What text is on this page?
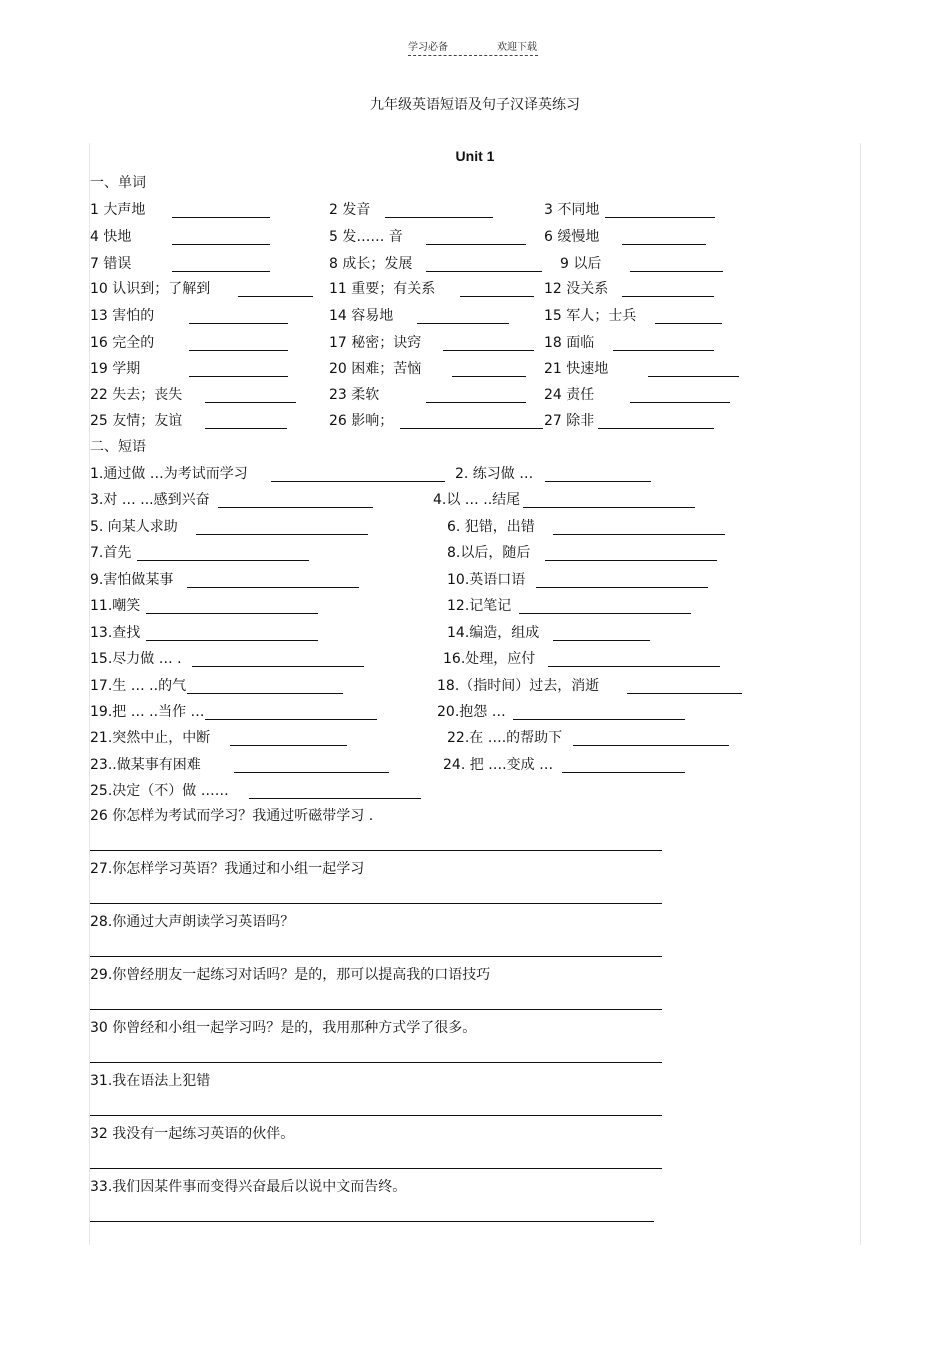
学习必备	欢迎下载
九年级英语短语及句子汉译英练习
Unit 1
一、单词
二、短语
1 大声地	2 发音	3 不同地
4 快地	5 发…… 音	6 缓慢地
7 错误	8 成长；发展	9 以后
10 认识到；了解到	11 重要；有关系	12 没关系
13 害怕的	14 容易地	15 军人；士兵
16 完全的	17 秘密；诀窍	18 面临
19 学期	20 困难；苦恼	21 快速地
22 失去；丧失	23 柔软	24 责任
25 友情；友谊	26 影响；	27 除非
1.通过做 …为考试而学习	2. 练习做 …
3.对 … ...感到兴奋	4.以 … ..结尾
5. 向某人求助	6. 犯错，出错
7.首先	8.以后，随后
9.害怕做某事	10.英语口语
11.嘲笑	12.记笔记
13.查找	14.编造，组成
15.尽力做 … .	16.处理，应付
17.生 … ..的气	18.（指时间）过去，消逝
19.把 … ..当作 …	20.抱怨 …
21.突然中止，中断	22.在 ….的帮助下
23..做某事有困难	24. 把 ….变成 …
25.决定（不）做 ……
26 你怎样为考试而学习？我通过听磁带学习 .
27.你怎样学习英语？我通过和小组一起学习
28.你通过大声朗读学习英语吗？
29.你曾经朋友一起练习对话吗？是的，那可以提高我的口语技巧
30 你曾经和小组一起学习吗？是的，我用那种方式学了很多。
31.我在语法上犯错
32 我没有一起练习英语的伙伴。
33.我们因某件事而变得兴奋最后以说中文而告终。
